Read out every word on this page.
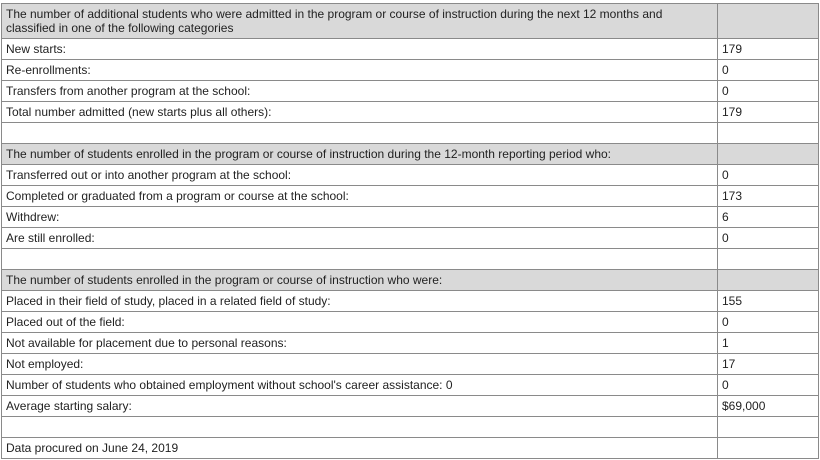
The number of additional students who were admitted in the program or course of instruction during the next 12 months and classified in one of the following categories	
New starts:	179
Re-enrollments:	0
Transfers from another program at the school:	0
Total number admitted (new starts plus all others):	179

The number of students enrolled in the program or course of instruction during the 12-month reporting period who:	
Transferred out or into another program at the school:	0
Completed or graduated from a program or course at the school:	173
Withdrew:	6
Are still enrolled:	0

The number of students enrolled in the program or course of instruction who were:	
Placed in their field of study, placed in a related field of study:	155
Placed out of the field:	0
Not available for placement due to personal reasons:	1
Not employed:	17
Number of students who obtained employment without school's career assistance: 0	0
Average starting salary:	$69,000

Data procured on June 24, 2019	
